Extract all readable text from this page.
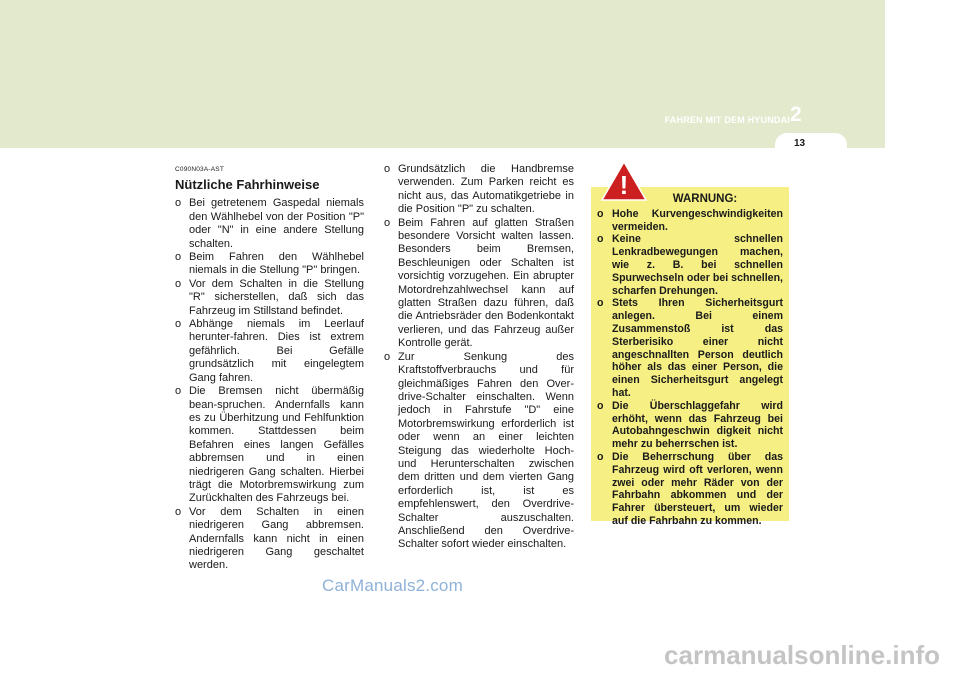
FAHREN MIT DEM HYUNDAI 2
13
C090N03A-AST
Nützliche Fahrhinweise
o Bei getretenem Gaspedal niemals den Wählhebel von der Position "P" oder "N" in eine andere Stellung schalten.
o Beim Fahren den Wählhebel niemals in die Stellung "P" bringen.
o Vor dem Schalten in die Stellung "R" sicherstellen, daß sich das Fahrzeug im Stillstand befindet.
o Abhänge niemals im Leerlauf herunter-fahren. Dies ist extrem gefährlich. Bei Gefälle grundsätzlich mit eingelegtem Gang fahren.
o Die Bremsen nicht übermäßig bean-spruchen. Andernfalls kann es zu Überhitzung und Fehlfunktion kommen. Stattdessen beim Befahren eines langen Gefälles abbremsen und in einen niedrigeren Gang schalten. Hierbei trägt die Motorbremswirkung zum Zurückhalten des Fahrzeugs bei.
o Vor dem Schalten in einen niedrigeren Gang abbremsen. Andernfalls kann nicht in einen niedrigeren Gang geschaltet werden.
o Grundsätzlich die Handbremse verwenden. Zum Parken reicht es nicht aus, das Automatikgetriebe in die Position "P" zu schalten.
o Beim Fahren auf glatten Straßen besondere Vorsicht walten lassen. Besonders beim Bremsen, Beschleunigen oder Schalten ist vorsichtig vorzugehen. Ein abrupter Motordrehzahlwechsel kann auf glatten Straßen dazu führen, daß die Antriebsräder den Bodenkontakt verlieren, und das Fahrzeug außer Kontrolle gerät.
o Zur Senkung des Kraftstoffverbrauchs und für gleichmäßiges Fahren den Over-drive-Schalter einschalten. Wenn jedoch in Fahrstufe "D" eine Motorbremswirkung erforderlich ist oder wenn an einer leichten Steigung das wiederholte Hoch- und Herunterschalten zwischen dem dritten und dem vierten Gang erforderlich ist, ist es empfehlenswert, den Overdrive-Schalter auszuschalten. Anschließend den Overdrive-Schalter sofort wieder einschalten.
WARNUNG:
o Hohe Kurvengeschwindigkeiten vermeiden.
o Keine schnellen Lenkradbewegungen machen, wie z. B. bei schnellen Spurwechseln oder bei schnellen, scharfen Drehungen.
o Stets Ihren Sicherheitsgurt anlegen. Bei einem Zusammenstoß ist das Sterberisiko einer nicht angeschnallten Person deutlich höher als das einer Person, die einen Sicherheitsgurt angelegt hat.
o Die Überschlaggefahr wird erhöht, wenn das Fahrzeug bei Autobahngeschwin digkeit nicht mehr zu beherrschen ist.
o Die Beherrschung über das Fahrzeug wird oft verloren, wenn zwei oder mehr Räder von der Fahrbahn abkommen und der Fahrer übersteuert, um wieder auf die Fahrbahn zu kommen.
!
CarManuals2.com
carmanualsonline.info
